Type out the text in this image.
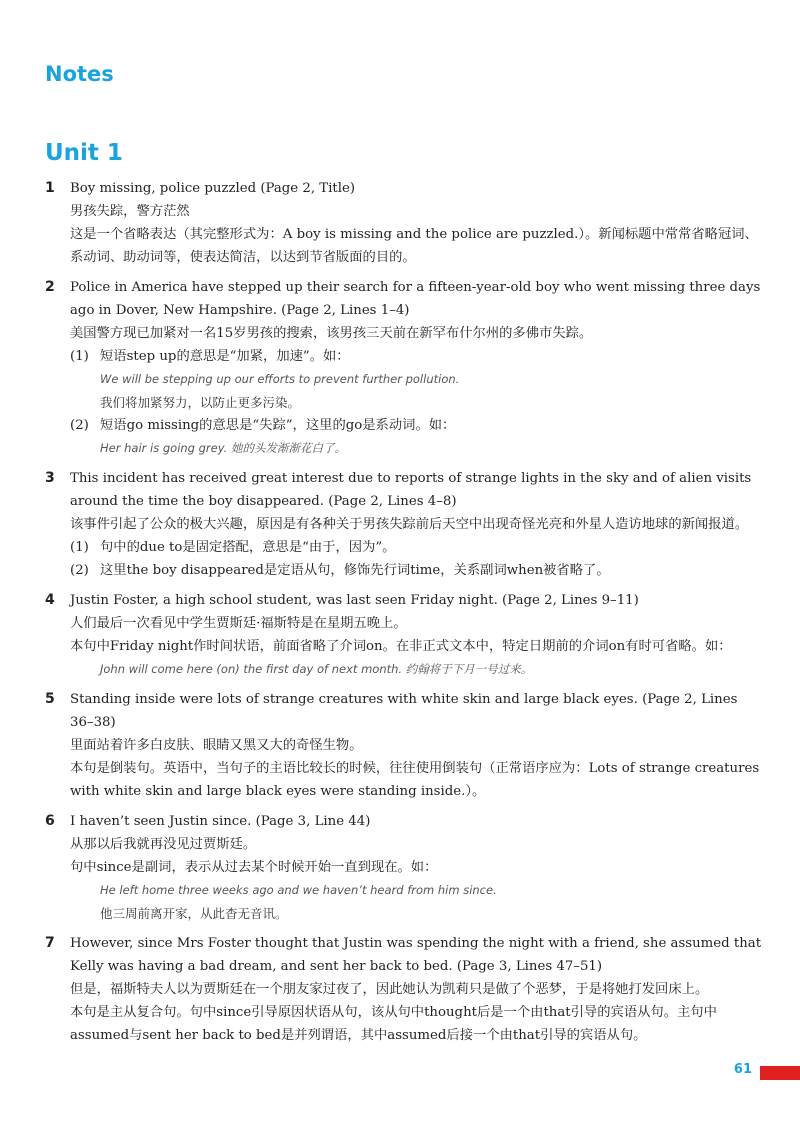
Notes
Unit 1
1 Boy missing, police puzzled (Page 2, Title)

男孩失踪，警方茫然

这是一个省略表达（其完整形式为：A boy is missing and the police are puzzled.）。新闻标题中常常省略冠词、系动词、助动词等，使表达简洁，以达到节省版面的目的。

2 Police in America have stepped up their search for a fifteen-year-old boy who went missing three days ago in Dover, New Hampshire. (Page 2, Lines 1–4)

美国警方现已加紧对一名15岁男孩的搜索，该男孩三天前在新罕布什尔州的多佛市失踪。

(1) 短语step up的意思是“加紧，加速”。如：

We will be stepping up our efforts to prevent further pollution.
我们将加紧努力，以防止更多污染。
(2) 短语go missing的意思是“失踪”，这里的go是系动词。如：

Her hair is going grey. 她的头发渐渐花白了。
3 This incident has received great interest due to reports of strange lights in the sky and of alien visits around the time the boy disappeared. (Page 2, Lines 4–8)

该事件引起了公众的极大兴趣，原因是有各种关于男孩失踪前后天空中出现奇怪光亮和外星人造访地球的新闻报道。

(1) 句中的due to是固定搭配，意思是“由于，因为”。

(2) 这里the boy disappeared是定语从句，修饰先行词time，关系副词when被省略了。

4 Justin Foster, a high school student, was last seen Friday night. (Page 2, Lines 9–11)

人们最后一次看见中学生贾斯廷·福斯特是在星期五晚上。

本句中Friday night作时间状语，前面省略了介词on。在非正式文本中，特定日期前的介词on有时可省略。如：

John will come here (on) the first day of next month. 约翰将于下月一号过来。
5 Standing inside were lots of strange creatures with white skin and large black eyes. (Page 2, Lines 36–38)

里面站着许多白皮肤、眼睛又黑又大的奇怪生物。

本句是倒装句。英语中，当句子的主语比较长的时候，往往使用倒装句（正常语序应为：Lots of strange creatures with white skin and large black eyes were standing inside.）。

6 I haven’t seen Justin since. (Page 3, Line 44)

从那以后我就再没见过贾斯廷。

句中since是副词，表示从过去某个时候开始一直到现在。如：

He left home three weeks ago and we haven’t heard from him since.
他三周前离开家，从此杳无音讯。
7 However, since Mrs Foster thought that Justin was spending the night with a friend, she assumed that Kelly was having a bad dream, and sent her back to bed. (Page 3, Lines 47–51)

但是，福斯特夫人以为贾斯廷在一个朋友家过夜了，因此她认为凯莉只是做了个恶梦，于是将她打发回床上。

本句是主从复合句。句中since引导原因状语从句，该从句中thought后是一个由that引导的宾语从句。主句中assumed与sent her back to bed是并列谓语，其中assumed后接一个由that引导的宾语从句。

61
